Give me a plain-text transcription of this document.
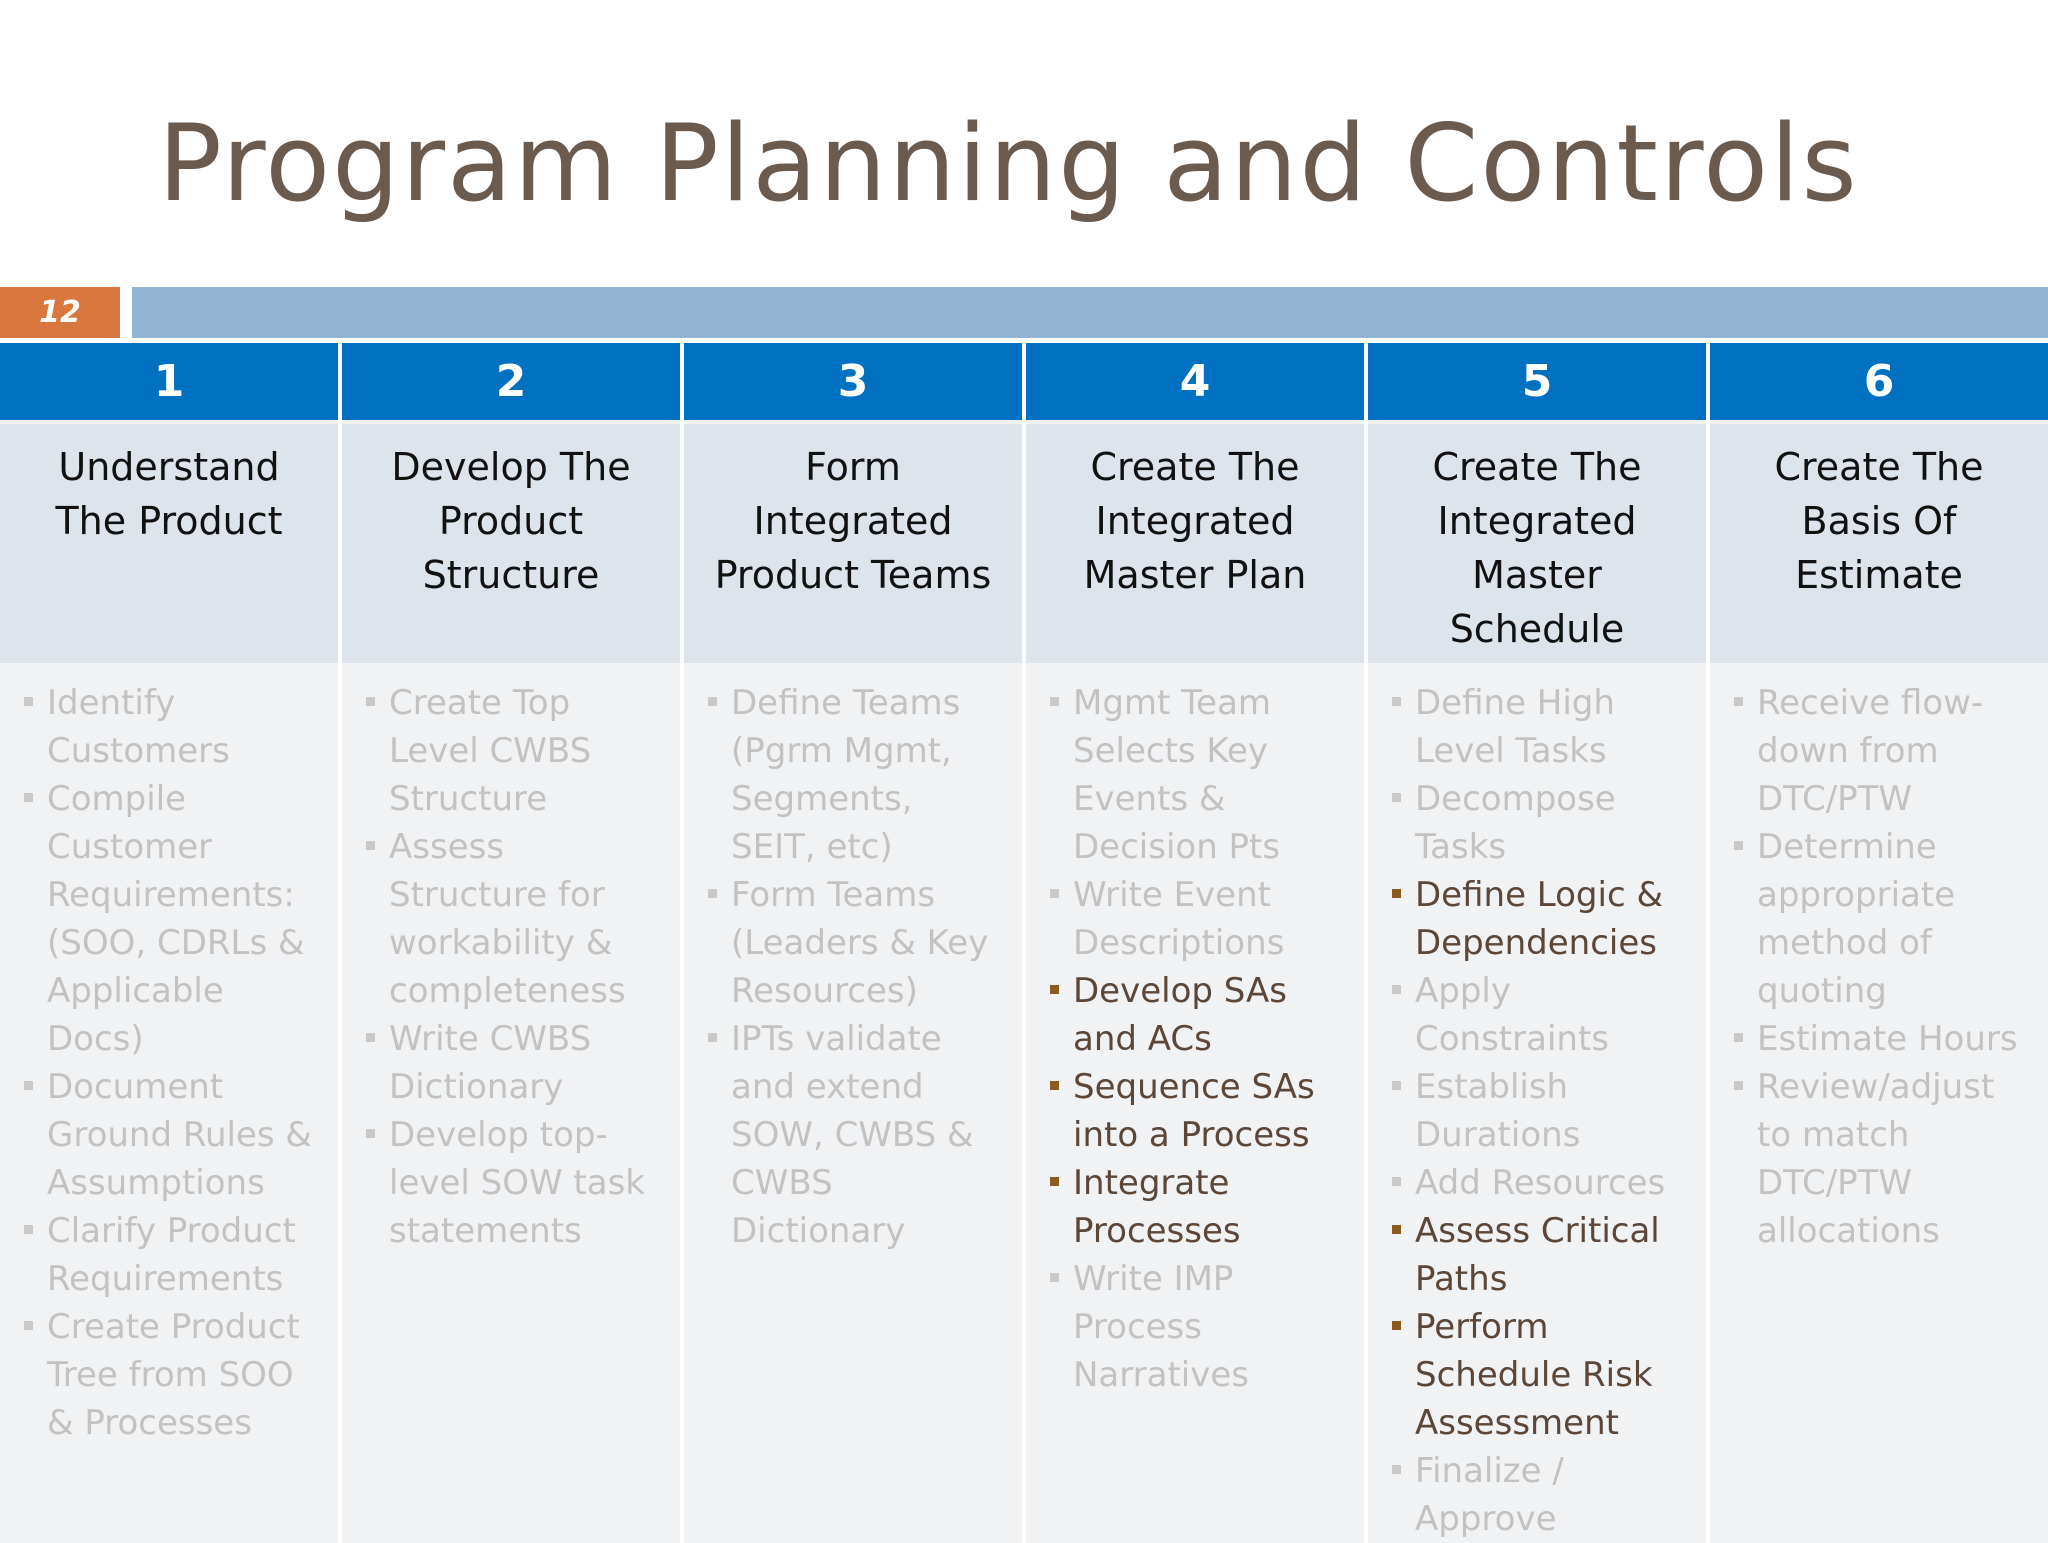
Program Planning and Controls
12
1
Understand The Product
Identify Customers
Compile Customer Requirements: (SOO, CDRLs & Applicable Docs)
Document Ground Rules & Assumptions
Clarify Product Requirements
Create Product Tree from SOO & Processes
2
Develop The Product Structure
Create Top Level CWBS Structure
Assess Structure for workability & completeness
Write CWBS Dictionary
Develop top-level SOW task statements
3
Form Integrated Product Teams
Define Teams (Pgrm Mgmt, Segments, SEIT, etc)
Form Teams (Leaders & Key Resources)
IPTs validate and extend SOW, CWBS & CWBS Dictionary
4
Create The Integrated Master Plan
Mgmt Team Selects Key Events & Decision Pts
Write Event Descriptions
Develop SAs and ACs
Sequence SAs into a Process
Integrate Processes
Write IMP Process Narratives
5
Create The Integrated Master Schedule
Define High Level Tasks
Decompose Tasks
Define Logic & Dependencies
Apply Constraints
Establish Durations
Add Resources
Assess Critical Paths
Perform Schedule Risk Assessment
Finalize / Approve
6
Create The Basis Of Estimate
Receive flow-down from DTC/PTW
Determine appropriate method of quoting
Estimate Hours
Review/adjust to match DTC/PTW allocations
